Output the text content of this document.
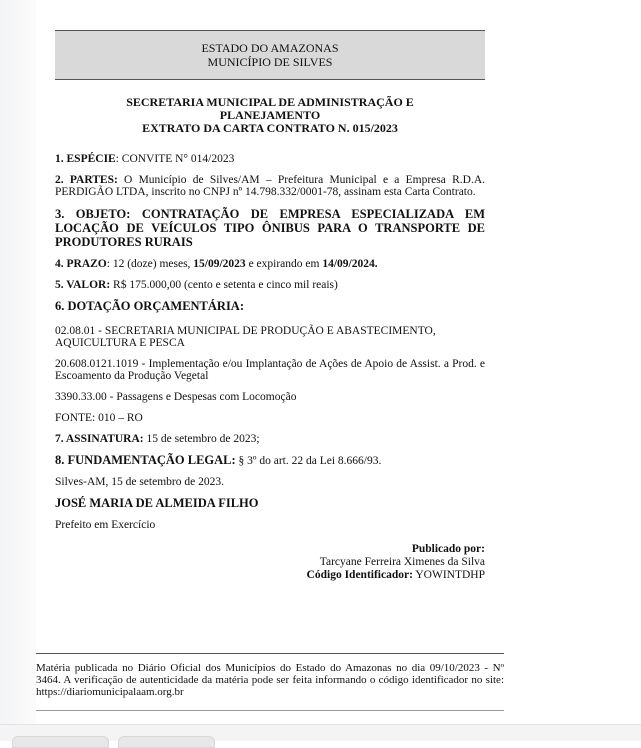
ESTADO DO AMAZONAS
MUNICÍPIO DE SILVES
SECRETARIA MUNICIPAL DE ADMINISTRAÇÃO E PLANEJAMENTO
EXTRATO DA CARTA CONTRATO N. 015/2023

1. ESPÉCIE: CONVITE N° 014/2023

2. PARTES: O Município de Silves/AM – Prefeitura Municipal e a Empresa R.D.A. PERDIGÃO LTDA, inscrito no CNPJ nº 14.798.332/0001-78, assinam esta Carta Contrato.

3. OBJETO: CONTRATAÇÃO DE EMPRESA ESPECIALIZADA EM LOCAÇÃO DE VEÍCULOS TIPO ÔNIBUS PARA O TRANSPORTE DE PRODUTORES RURAIS

4. PRAZO: 12 (doze) meses, 15/09/2023 e expirando em 14/09/2024.

5. VALOR: R$ 175.000,00 (cento e setenta e cinco mil reais)

6. DOTAÇÃO ORÇAMENTÁRIA:

02.08.01 - SECRETARIA MUNICIPAL DE PRODUÇÃO E ABASTECIMENTO, AQUICULTURA E PESCA

20.608.0121.1019 - Implementação e/ou Implantação de Ações de Apoio de Assist. a Prod. e Escoamento da Produção Vegetal

3390.33.00 - Passagens e Despesas com Locomoção

FONTE: 010 – RO

7. ASSINATURA: 15 de setembro de 2023;

8. FUNDAMENTAÇÃO LEGAL: § 3º do art. 22 da Lei 8.666/93.

Silves-AM, 15 de setembro de 2023.

JOSÉ MARIA DE ALMEIDA FILHO

Prefeito em Exercício

Publicado por:
Tarcyane Ferreira Ximenes da Silva
Código Identificador: YOWINTDHP
Matéria publicada no Diário Oficial dos Municípios do Estado do Amazonas no dia 09/10/2023 - Nº 3464. A verificação de autenticidade da matéria pode ser feita informando o código identificador no site: https://diariomunicipalaam.org.br
